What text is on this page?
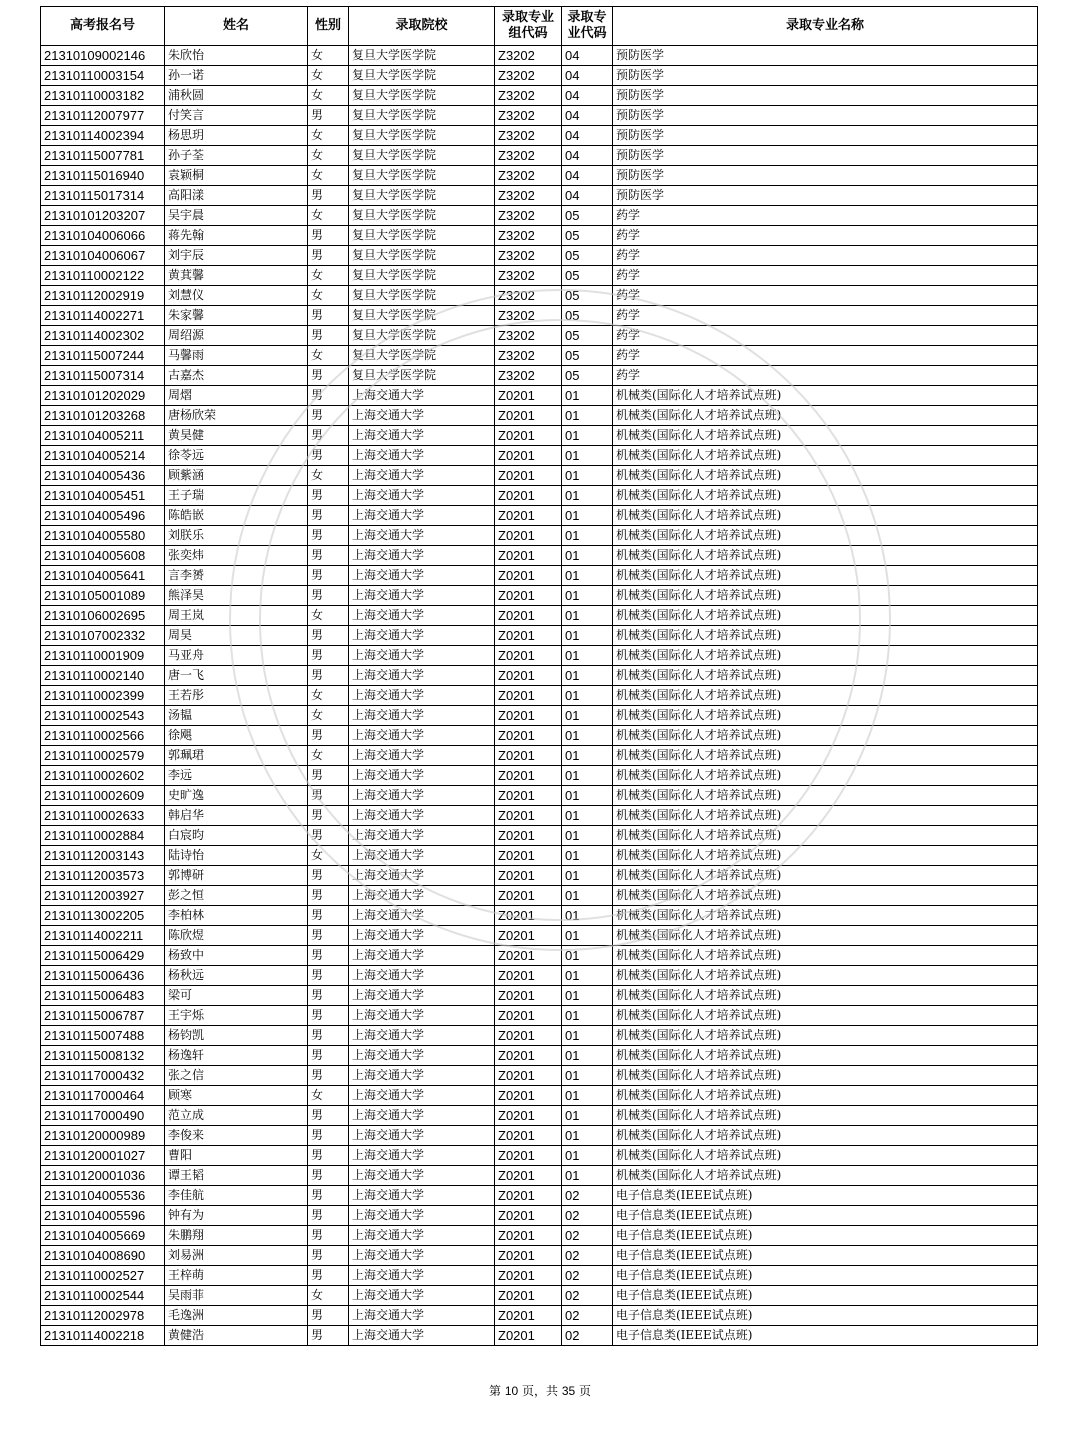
高考报名号	姓名	性别	录取院校	录取专业组代码	录取专业代码	录取专业名称
21310109002146	朱欣怡	女	复旦大学医学院	Z3202	04	预防医学
21310110003154	孙一诺	女	复旦大学医学院	Z3202	04	预防医学
21310110003182	浦秋圆	女	复旦大学医学院	Z3202	04	预防医学
21310112007977	付笑言	男	复旦大学医学院	Z3202	04	预防医学
21310114002394	杨思玥	女	复旦大学医学院	Z3202	04	预防医学
21310115007781	孙子荃	女	复旦大学医学院	Z3202	04	预防医学
21310115016940	袁颖桐	女	复旦大学医学院	Z3202	04	预防医学
21310115017314	高阳漾	男	复旦大学医学院	Z3202	04	预防医学
21310101203207	吴宇晨	女	复旦大学医学院	Z3202	05	药学
21310104006066	蒋先翰	男	复旦大学医学院	Z3202	05	药学
21310104006067	刘宇辰	男	复旦大学医学院	Z3202	05	药学
21310110002122	黄萁馨	女	复旦大学医学院	Z3202	05	药学
21310112002919	刘慧仪	女	复旦大学医学院	Z3202	05	药学
21310114002271	朱家馨	男	复旦大学医学院	Z3202	05	药学
21310114002302	周绍源	男	复旦大学医学院	Z3202	05	药学
21310115007244	马馨雨	女	复旦大学医学院	Z3202	05	药学
21310115007314	古嘉杰	男	复旦大学医学院	Z3202	05	药学
21310101202029	周熠	男	上海交通大学	Z0201	01	机械类(国际化人才培养试点班)
21310101203268	唐杨欣荣	男	上海交通大学	Z0201	01	机械类(国际化人才培养试点班)
21310104005211	黄昊健	男	上海交通大学	Z0201	01	机械类(国际化人才培养试点班)
21310104005214	徐苓远	男	上海交通大学	Z0201	01	机械类(国际化人才培养试点班)
21310104005436	顾紫涵	女	上海交通大学	Z0201	01	机械类(国际化人才培养试点班)
21310104005451	王子瑞	男	上海交通大学	Z0201	01	机械类(国际化人才培养试点班)
21310104005496	陈皓嵌	男	上海交通大学	Z0201	01	机械类(国际化人才培养试点班)
21310104005580	刘朕乐	男	上海交通大学	Z0201	01	机械类(国际化人才培养试点班)
21310104005608	张奕炜	男	上海交通大学	Z0201	01	机械类(国际化人才培养试点班)
21310104005641	言李赟	男	上海交通大学	Z0201	01	机械类(国际化人才培养试点班)
21310105001089	熊泽昊	男	上海交通大学	Z0201	01	机械类(国际化人才培养试点班)
21310106002695	周王岚	女	上海交通大学	Z0201	01	机械类(国际化人才培养试点班)
21310107002332	周昊	男	上海交通大学	Z0201	01	机械类(国际化人才培养试点班)
21310110001909	马亚舟	男	上海交通大学	Z0201	01	机械类(国际化人才培养试点班)
21310110002140	唐一飞	男	上海交通大学	Z0201	01	机械类(国际化人才培养试点班)
21310110002399	王若彤	女	上海交通大学	Z0201	01	机械类(国际化人才培养试点班)
21310110002543	汤韫	女	上海交通大学	Z0201	01	机械类(国际化人才培养试点班)
21310110002566	徐飓	男	上海交通大学	Z0201	01	机械类(国际化人才培养试点班)
21310110002579	郭珮珺	女	上海交通大学	Z0201	01	机械类(国际化人才培养试点班)
21310110002602	李远	男	上海交通大学	Z0201	01	机械类(国际化人才培养试点班)
21310110002609	史旷逸	男	上海交通大学	Z0201	01	机械类(国际化人才培养试点班)
21310110002633	韩启华	男	上海交通大学	Z0201	01	机械类(国际化人才培养试点班)
21310110002884	白宸昀	男	上海交通大学	Z0201	01	机械类(国际化人才培养试点班)
21310112003143	陆诗怡	女	上海交通大学	Z0201	01	机械类(国际化人才培养试点班)
21310112003573	郭博研	男	上海交通大学	Z0201	01	机械类(国际化人才培养试点班)
21310112003927	彭之恒	男	上海交通大学	Z0201	01	机械类(国际化人才培养试点班)
21310113002205	李柏林	男	上海交通大学	Z0201	01	机械类(国际化人才培养试点班)
21310114002211	陈欣煜	男	上海交通大学	Z0201	01	机械类(国际化人才培养试点班)
21310115006429	杨致中	男	上海交通大学	Z0201	01	机械类(国际化人才培养试点班)
21310115006436	杨秋远	男	上海交通大学	Z0201	01	机械类(国际化人才培养试点班)
21310115006483	梁可	男	上海交通大学	Z0201	01	机械类(国际化人才培养试点班)
21310115006787	王宇烁	男	上海交通大学	Z0201	01	机械类(国际化人才培养试点班)
21310115007488	杨钧凯	男	上海交通大学	Z0201	01	机械类(国际化人才培养试点班)
21310115008132	杨逸轩	男	上海交通大学	Z0201	01	机械类(国际化人才培养试点班)
21310117000432	张之信	男	上海交通大学	Z0201	01	机械类(国际化人才培养试点班)
21310117000464	顾寒	女	上海交通大学	Z0201	01	机械类(国际化人才培养试点班)
21310117000490	范立成	男	上海交通大学	Z0201	01	机械类(国际化人才培养试点班)
21310120000989	李俊来	男	上海交通大学	Z0201	01	机械类(国际化人才培养试点班)
21310120001027	曹阳	男	上海交通大学	Z0201	01	机械类(国际化人才培养试点班)
21310120001036	谭王韬	男	上海交通大学	Z0201	01	机械类(国际化人才培养试点班)
21310104005536	李佳航	男	上海交通大学	Z0201	02	电子信息类(IEEE试点班)
21310104005596	钟有为	男	上海交通大学	Z0201	02	电子信息类(IEEE试点班)
21310104005669	朱鹏翔	男	上海交通大学	Z0201	02	电子信息类(IEEE试点班)
21310104008690	刘易洲	男	上海交通大学	Z0201	02	电子信息类(IEEE试点班)
21310110002527	王梓萌	男	上海交通大学	Z0201	02	电子信息类(IEEE试点班)
21310110002544	吴雨菲	女	上海交通大学	Z0201	02	电子信息类(IEEE试点班)
21310112002978	毛逸洲	男	上海交通大学	Z0201	02	电子信息类(IEEE试点班)
21310114002218	黄健浩	男	上海交通大学	Z0201	02	电子信息类(IEEE试点班)
第 10 页，共 35 页
